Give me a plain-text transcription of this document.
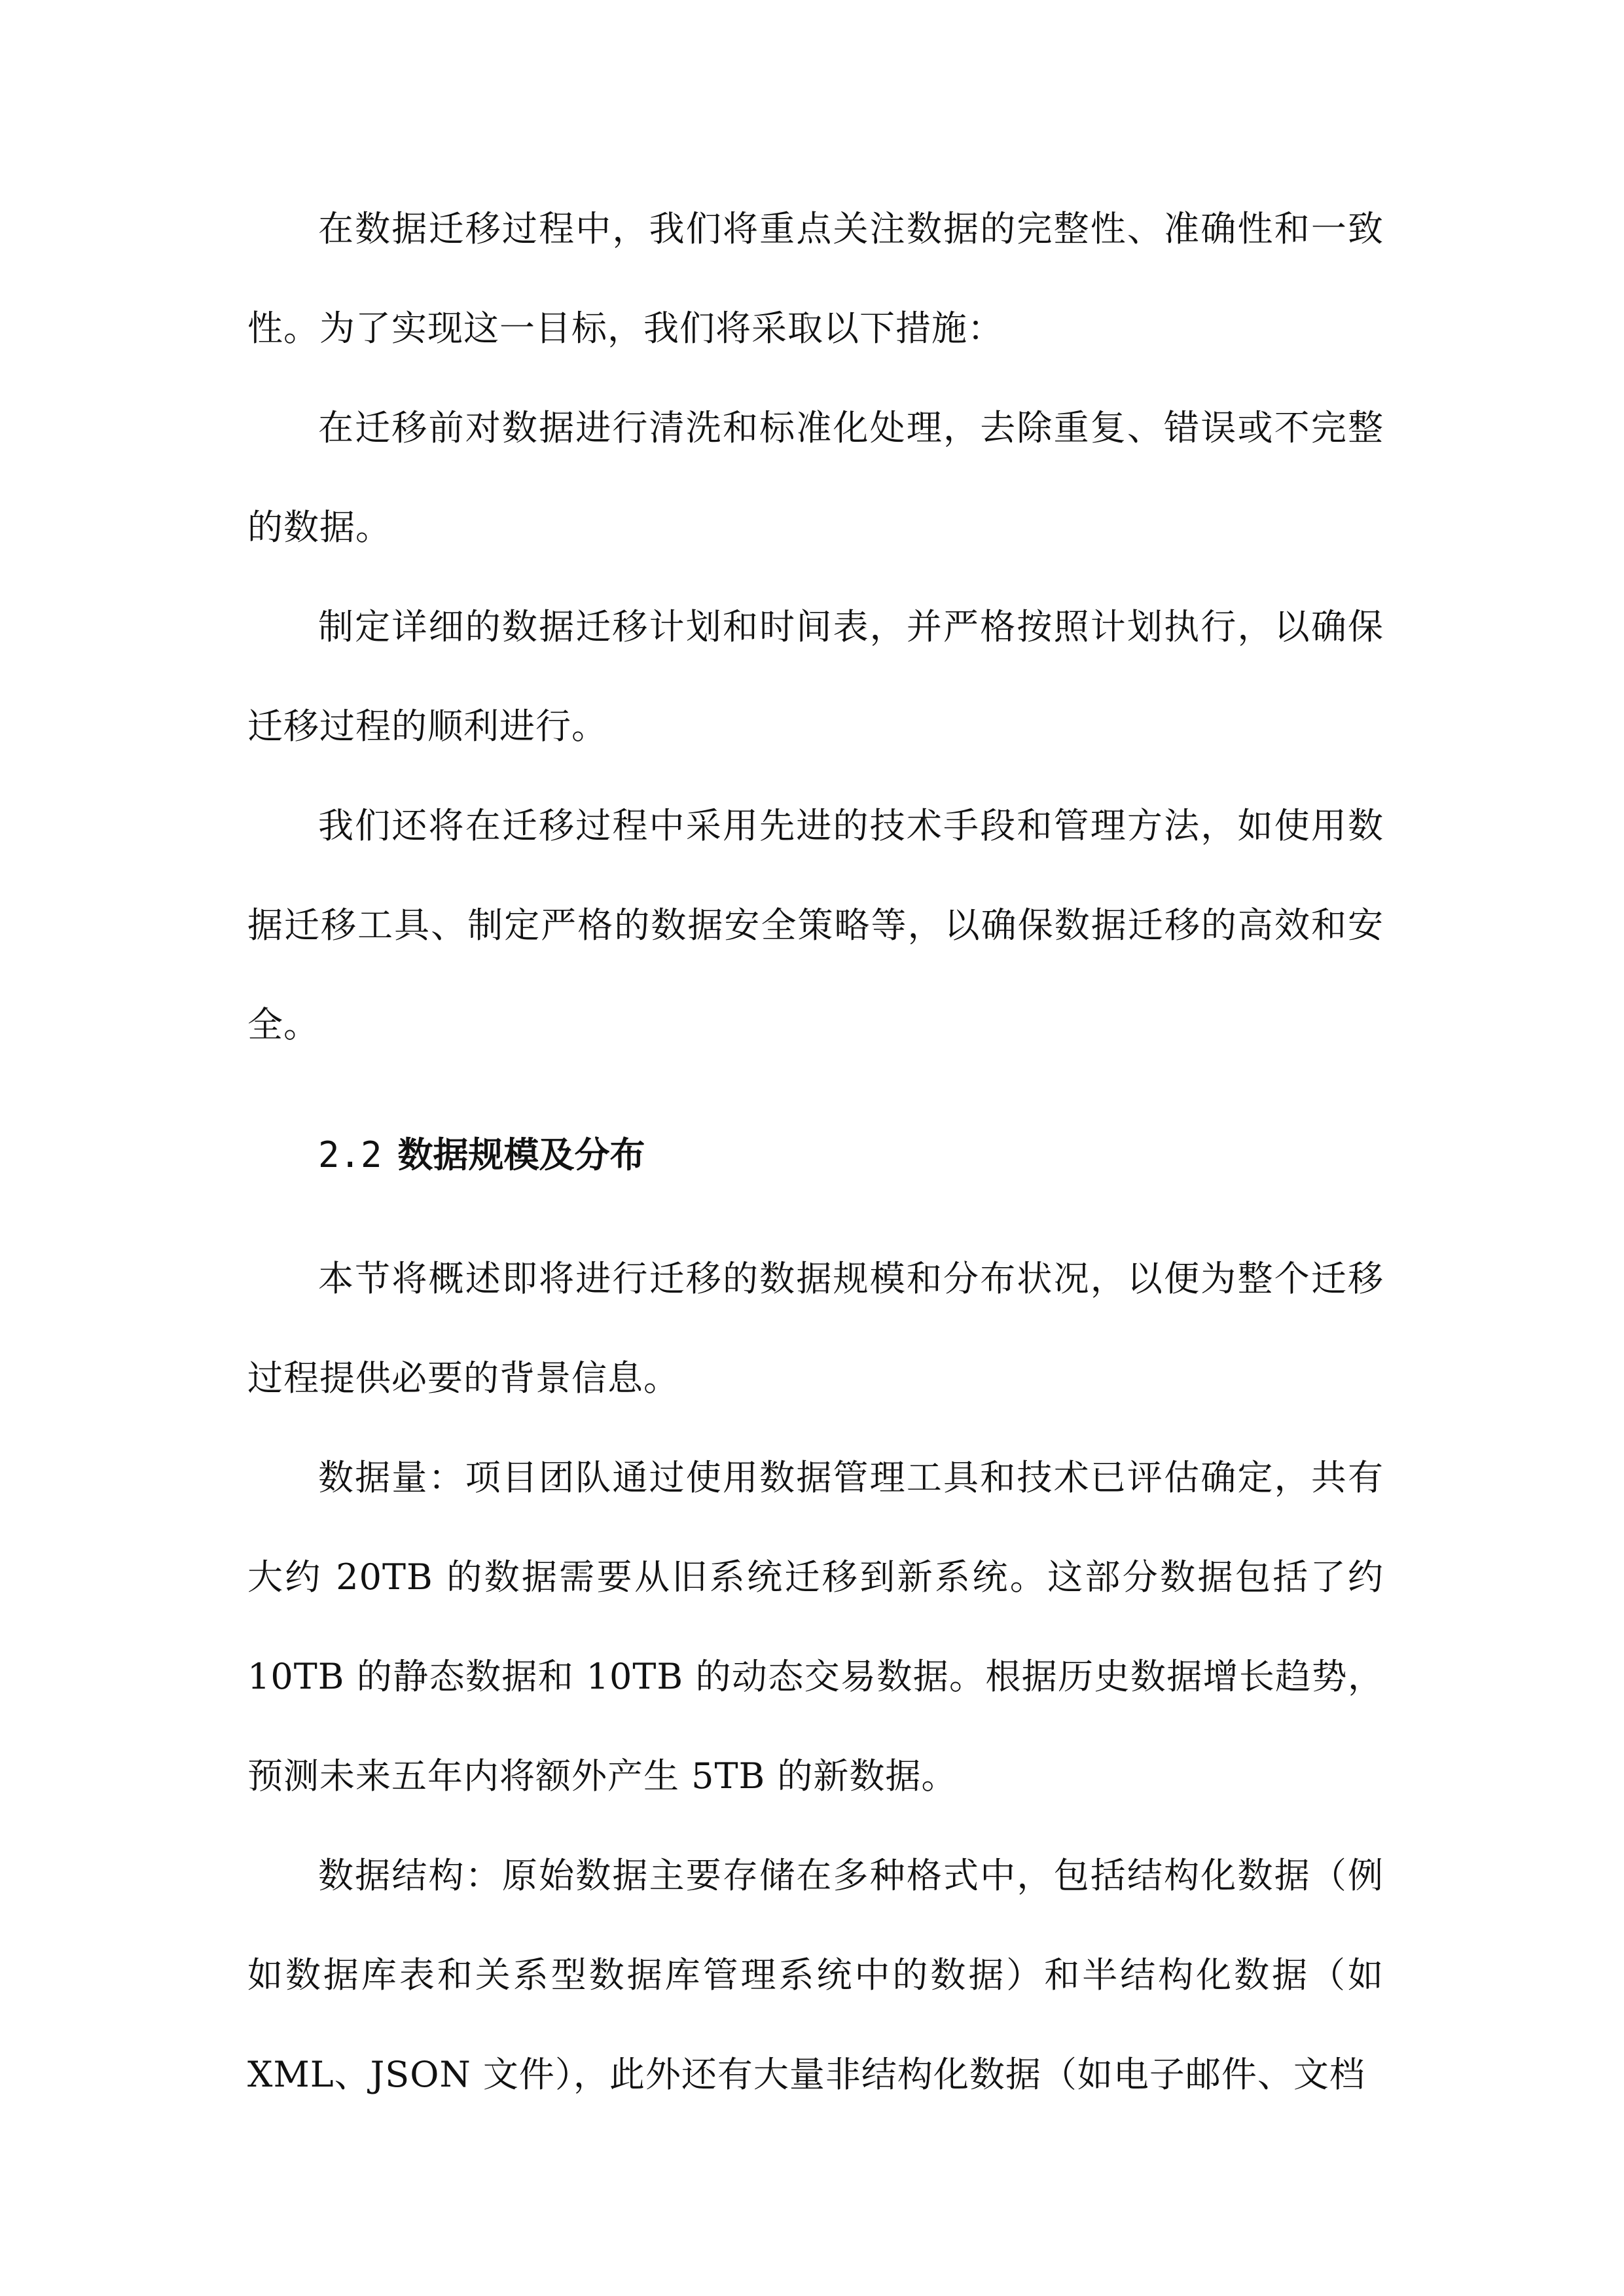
在数据迁移过程中，我们将重点关注数据的完整性、准确性和一致性。为了实现这一目标，我们将采取以下措施：

在迁移前对数据进行清洗和标准化处理，去除重复、错误或不完整的数据。

制定详细的数据迁移计划和时间表，并严格按照计划执行，以确保迁移过程的顺利进行。

我们还将在迁移过程中采用先进的技术手段和管理方法，如使用数据迁移工具、制定严格的数据安全策略等，以确保数据迁移的高效和安全。

2.2 数据规模及分布

本节将概述即将进行迁移的数据规模和分布状况，以便为整个迁移过程提供必要的背景信息。

数据量：项目团队通过使用数据管理工具和技术已评估确定，共有大约 20TB 的数据需要从旧系统迁移到新系统。这部分数据包括了约 10TB 的静态数据和 10TB 的动态交易数据。根据历史数据增长趋势，预测未来五年内将额外产生 5TB 的新数据。

数据结构：原始数据主要存储在多种格式中，包括结构化数据（例如数据库表和关系型数据库管理系统中的数据）和半结构化数据（如 XML、JSON 文件），此外还有大量非结构化数据（如电子邮件、文档
